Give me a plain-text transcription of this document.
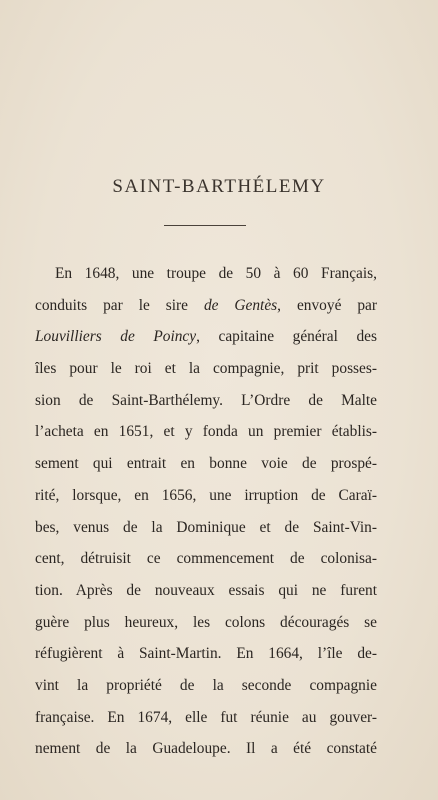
SAINT-BARTHÉLEMY
En 1648, une troupe de 50 à 60 Français,
conduits par le sire de Gentès, envoyé par
Louvilliers de Poincy, capitaine général des
îles pour le roi et la compagnie, prit posses-
sion de Saint-Barthélemy. L’Ordre de Malte
l’acheta en 1651, et y fonda un premier établis-
sement qui entrait en bonne voie de prospé-
rité, lorsque, en 1656, une irruption de Caraï-
bes, venus de la Dominique et de Saint-Vin-
cent, détruisit ce commencement de colonisa-
tion. Après de nouveaux essais qui ne furent
guère plus heureux, les colons découragés se
réfugièrent à Saint-Martin. En 1664, l’île de-
vint la propriété de la seconde compagnie
française. En 1674, elle fut réunie au gouver-
nement de la Guadeloupe. Il a été constaté
